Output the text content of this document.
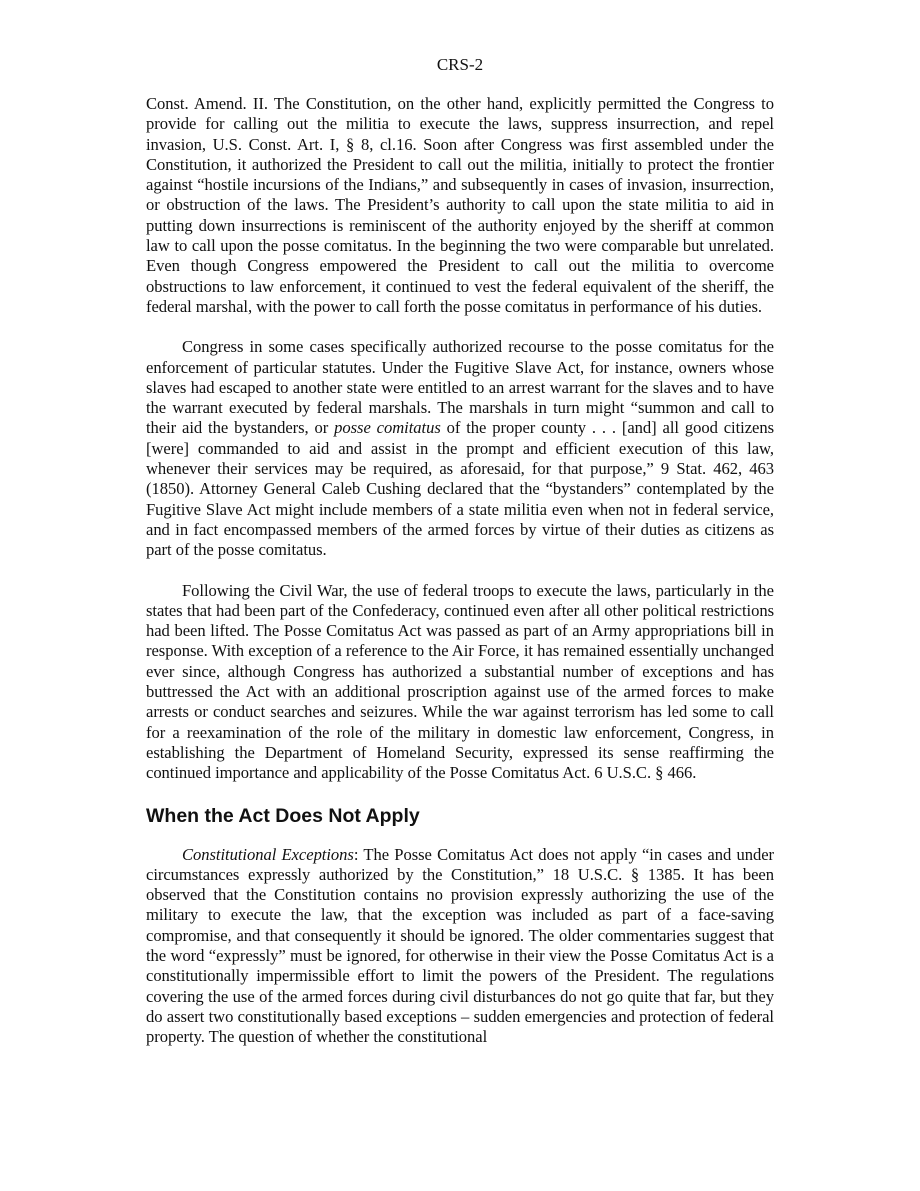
CRS-2

Const. Amend. II. The Constitution, on the other hand, explicitly permitted the Congress to provide for calling out the militia to execute the laws, suppress insurrection, and repel invasion, U.S. Const. Art. I, § 8, cl.16. Soon after Congress was first assembled under the Constitution, it authorized the President to call out the militia, initially to protect the frontier against “hostile incursions of the Indians,” and subsequently in cases of invasion, insurrection, or obstruction of the laws. The President’s authority to call upon the state militia to aid in putting down insurrections is reminiscent of the authority enjoyed by the sheriff at common law to call upon the posse comitatus. In the beginning the two were comparable but unrelated. Even though Congress empowered the President to call out the militia to overcome obstructions to law enforcement, it continued to vest the federal equivalent of the sheriff, the federal marshal, with the power to call forth the posse comitatus in performance of his duties.

Congress in some cases specifically authorized recourse to the posse comitatus for the enforcement of particular statutes. Under the Fugitive Slave Act, for instance, owners whose slaves had escaped to another state were entitled to an arrest warrant for the slaves and to have the warrant executed by federal marshals. The marshals in turn might “summon and call to their aid the bystanders, or posse comitatus of the proper county . . . [and] all good citizens [were] commanded to aid and assist in the prompt and efficient execution of this law, whenever their services may be required, as aforesaid, for that purpose,” 9 Stat. 462, 463 (1850). Attorney General Caleb Cushing declared that the “bystanders” contemplated by the Fugitive Slave Act might include members of a state militia even when not in federal service, and in fact encompassed members of the armed forces by virtue of their duties as citizens as part of the posse comitatus.

Following the Civil War, the use of federal troops to execute the laws, particularly in the states that had been part of the Confederacy, continued even after all other political restrictions had been lifted. The Posse Comitatus Act was passed as part of an Army appropriations bill in response. With exception of a reference to the Air Force, it has remained essentially unchanged ever since, although Congress has authorized a substantial number of exceptions and has buttressed the Act with an additional proscription against use of the armed forces to make arrests or conduct searches and seizures. While the war against terrorism has led some to call for a reexamination of the role of the military in domestic law enforcement, Congress, in establishing the Department of Homeland Security, expressed its sense reaffirming the continued importance and applicability of the Posse Comitatus Act. 6 U.S.C. § 466.

When the Act Does Not Apply

Constitutional Exceptions: The Posse Comitatus Act does not apply “in cases and under circumstances expressly authorized by the Constitution,” 18 U.S.C. § 1385. It has been observed that the Constitution contains no provision expressly authorizing the use of the military to execute the law, that the exception was included as part of a face-saving compromise, and that consequently it should be ignored. The older commentaries suggest that the word “expressly” must be ignored, for otherwise in their view the Posse Comitatus Act is a constitutionally impermissible effort to limit the powers of the President. The regulations covering the use of the armed forces during civil disturbances do not go quite that far, but they do assert two constitutionally based exceptions – sudden emergencies and protection of federal property. The question of whether the constitutional
